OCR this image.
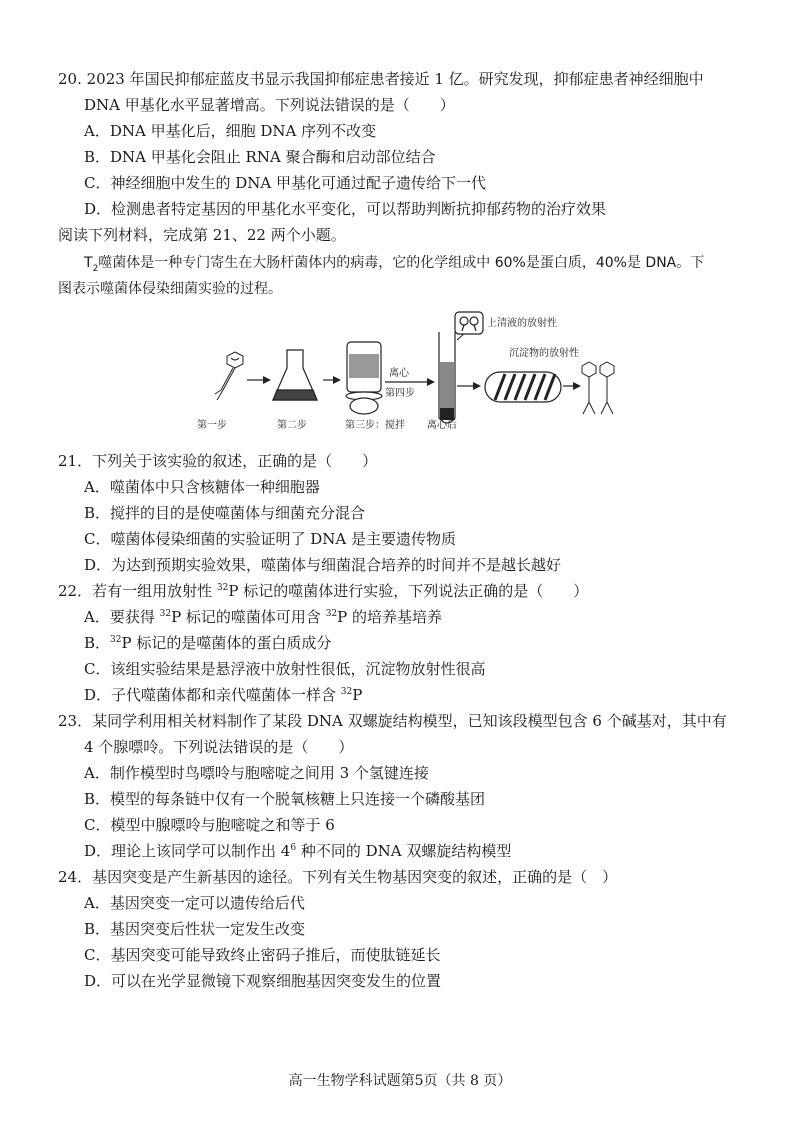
20. 2023 年国民抑郁症蓝皮书显示我国抑郁症患者接近 1 亿。研究发现，抑郁症患者神经细胞中
DNA 甲基化水平显著增高。下列说法错误的是（　　）
A．DNA 甲基化后，细胞 DNA 序列不改变
B．DNA 甲基化会阻止 RNA 聚合酶和启动部位结合
C．神经细胞中发生的 DNA 甲基化可通过配子遗传给下一代
D．检测患者特定基因的甲基化水平变化，可以帮助判断抗抑郁药物的治疗效果
阅读下列材料，完成第 21、22 两个小题。
$T_2$噬菌体是一种专门寄生在大肠杆菌体内的病毒，它的化学组成中 60%是蛋白质，40%是 DNA。下
图表示噬菌体侵染细菌实验的过程。
离心
第四步
上清液的放射性
沉淀物的放射性
第一步	第二步	第三步：搅拌 离心后
21．下列关于该实验的叙述，正确的是（　　）
A．噬菌体中只含核糖体一种细胞器
B．搅拌的目的是使噬菌体与细菌充分混合
C．噬菌体侵染细菌的实验证明了 DNA 是主要遗传物质
D．为达到预期实验效果，噬菌体与细菌混合培养的时间并不是越长越好
22．若有一组用放射性 $^{32}$P 标记的噬菌体进行实验，下列说法正确的是（　　）
A．要获得 $^{32}$P 标记的噬菌体可用含 $^{32}$P 的培养基培养
B．$^{32}$P 标记的是噬菌体的蛋白质成分
C．该组实验结果是悬浮液中放射性很低，沉淀物放射性很高
D．子代噬菌体都和亲代噬菌体一样含 $^{32}$P
23．某同学利用相关材料制作了某段 DNA 双螺旋结构模型，已知该段模型包含 6 个碱基对，其中有
4 个腺嘌呤。下列说法错误的是（　　）
A．制作模型时鸟嘌呤与胞嘧啶之间用 3 个氢键连接
B．模型的每条链中仅有一个脱氧核糖上只连接一个磷酸基团
C．模型中腺嘌呤与胞嘧啶之和等于 6
D．理论上该同学可以制作出 $4^6$ 种不同的 DNA 双螺旋结构模型
24．基因突变是产生新基因的途径。下列有关生物基因突变的叙述，正确的是（　）
A．基因突变一定可以遗传给后代
B．基因突变后性状一定发生改变
C．基因突变可能导致终止密码子推后，而使肽链延长
D．可以在光学显微镜下观察细胞基因突变发生的位置
高一生物学科试题第5页（共 8 页）
